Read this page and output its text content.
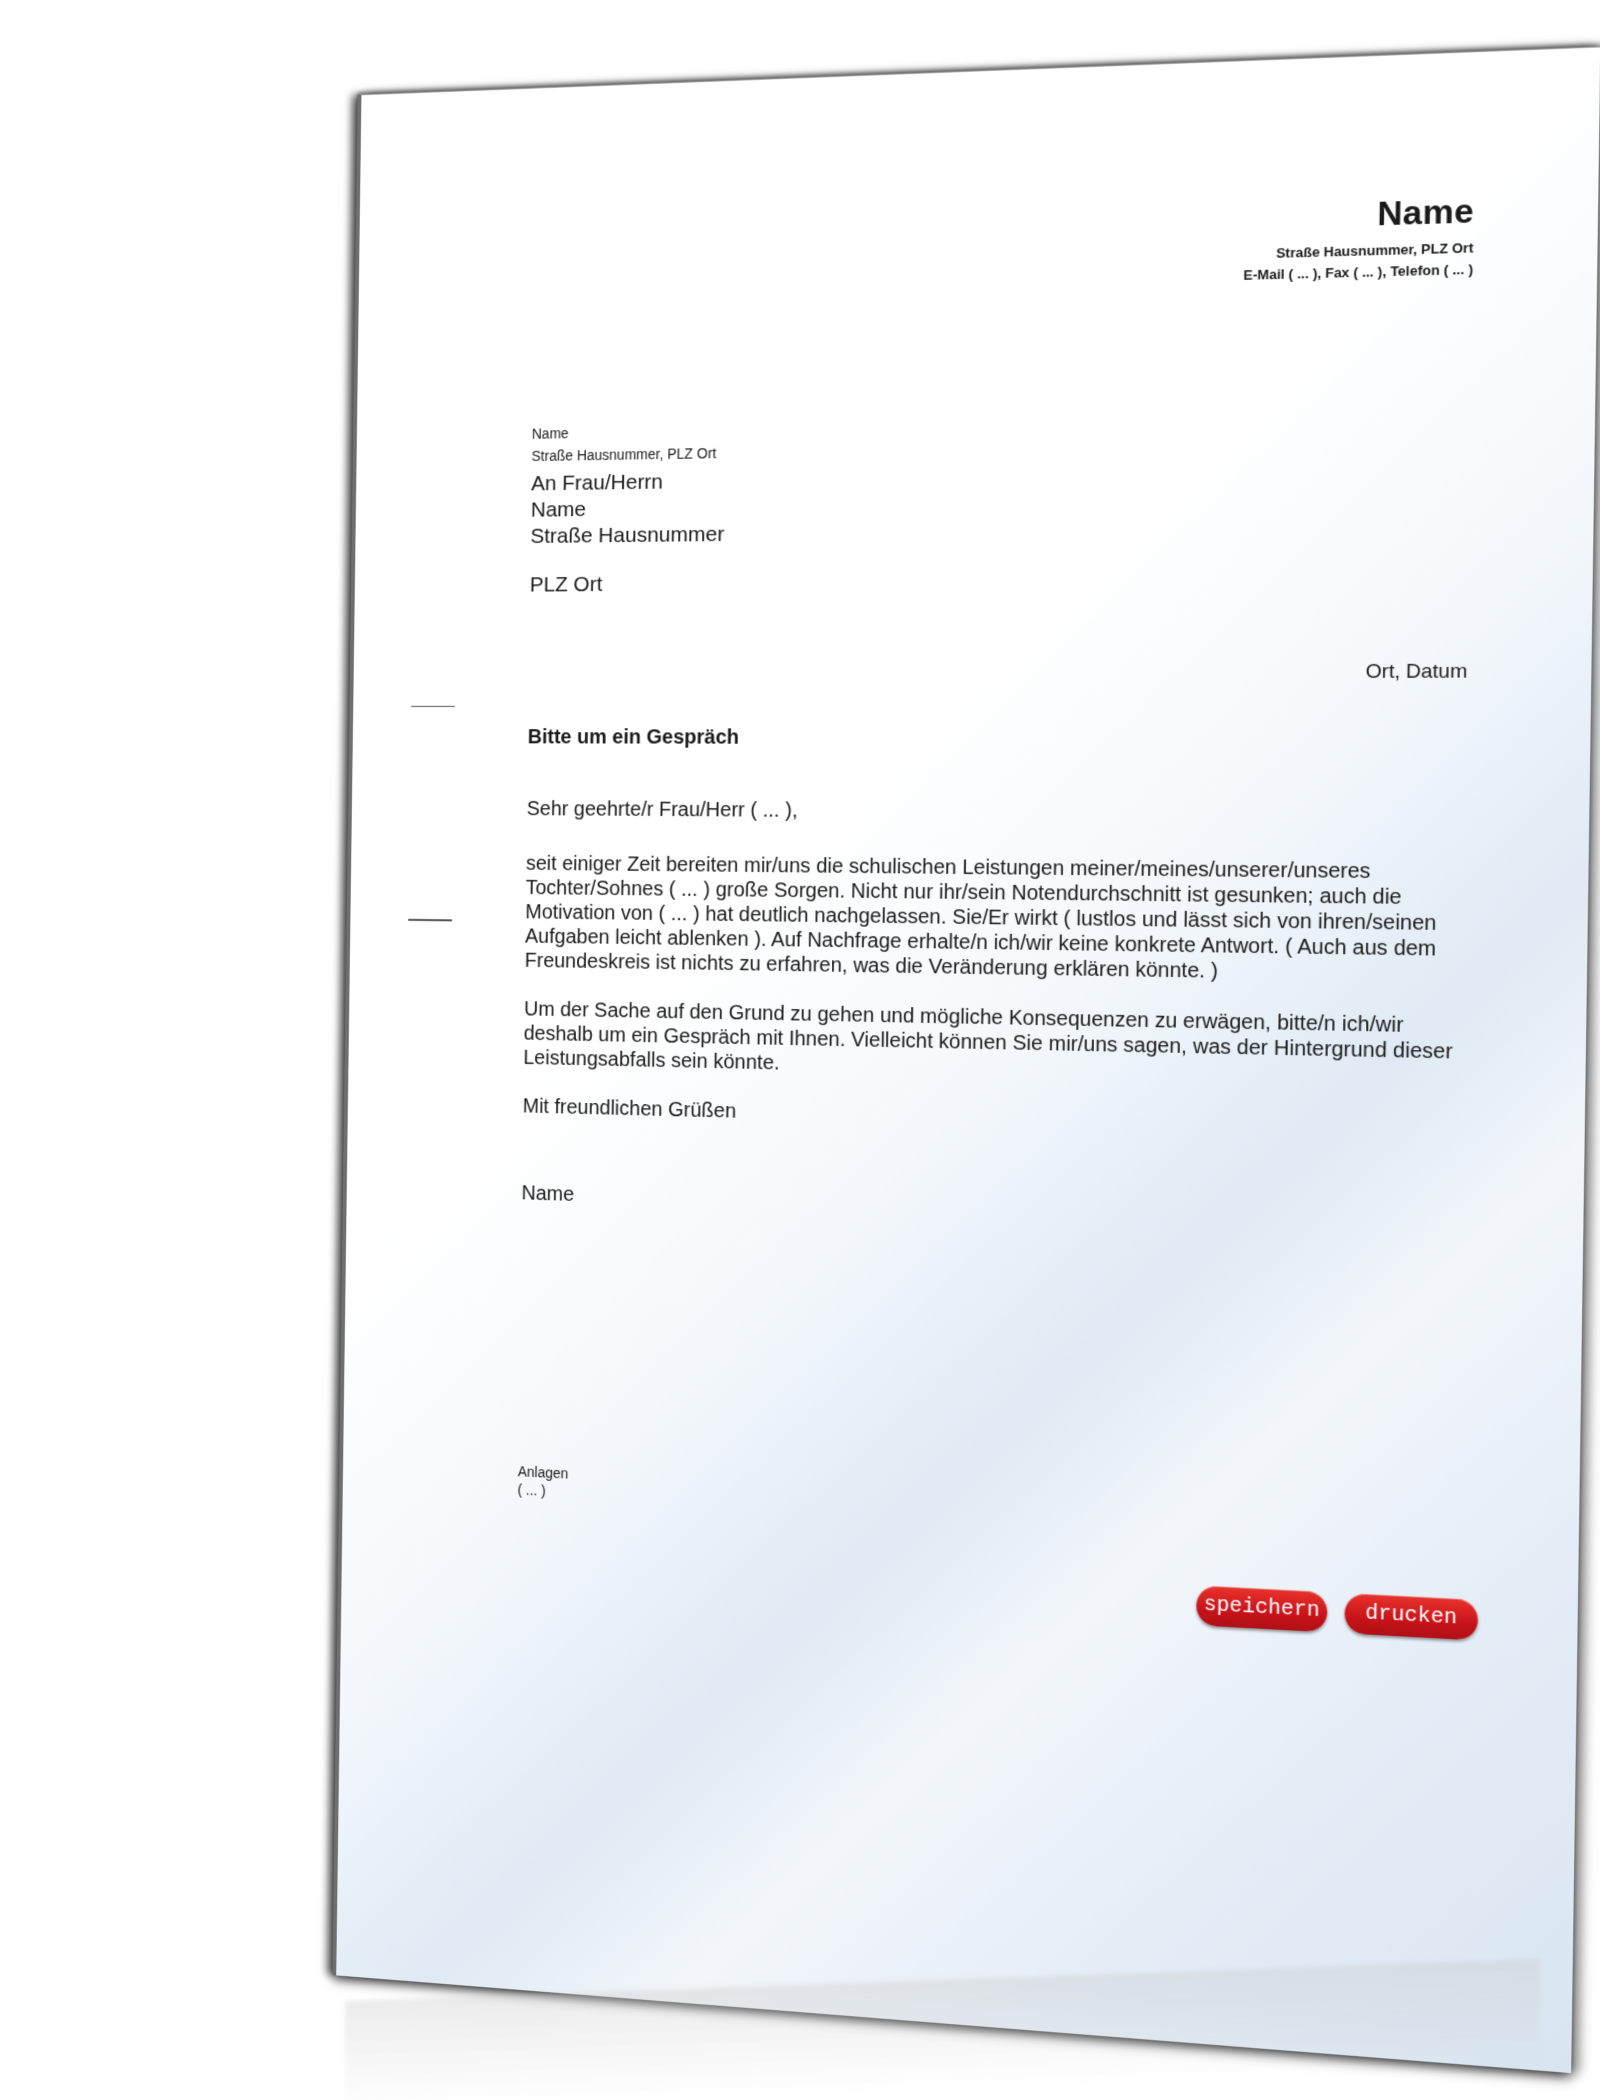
Name
Straße Hausnummer, PLZ Ort
E-Mail ( ... ), Fax ( ... ), Telefon ( ... )
Name
Straße Hausnummer, PLZ Ort
An Frau/Herrn
Name
Straße Hausnummer
PLZ Ort
Ort, Datum
Bitte um ein Gespräch

Sehr geehrte/r Frau/Herr ( ... ),

seit einiger Zeit bereiten mir/uns die schulischen Leistungen meiner/meines/unserer/unseres Tochter/Sohnes ( ... ) große Sorgen. Nicht nur ihr/sein Notendurchschnitt ist gesunken; auch die Motivation von ( ... ) hat deutlich nachgelassen. Sie/Er wirkt ( lustlos und lässt sich von ihren/seinen Aufgaben leicht ablenken ). Auf Nachfrage erhalte/n ich/wir keine konkrete Antwort. ( Auch aus dem Freundeskreis ist nichts zu erfahren, was die Veränderung erklären könnte. )

Um der Sache auf den Grund zu gehen und mögliche Konsequenzen zu erwägen, bitte/n ich/wir deshalb um ein Gespräch mit Ihnen. Vielleicht können Sie mir/uns sagen, was der Hintergrund dieser Leistungsabfalls sein könnte.

Mit freundlichen Grüßen

Name

Anlagen
( ... )
speichern	drucken
